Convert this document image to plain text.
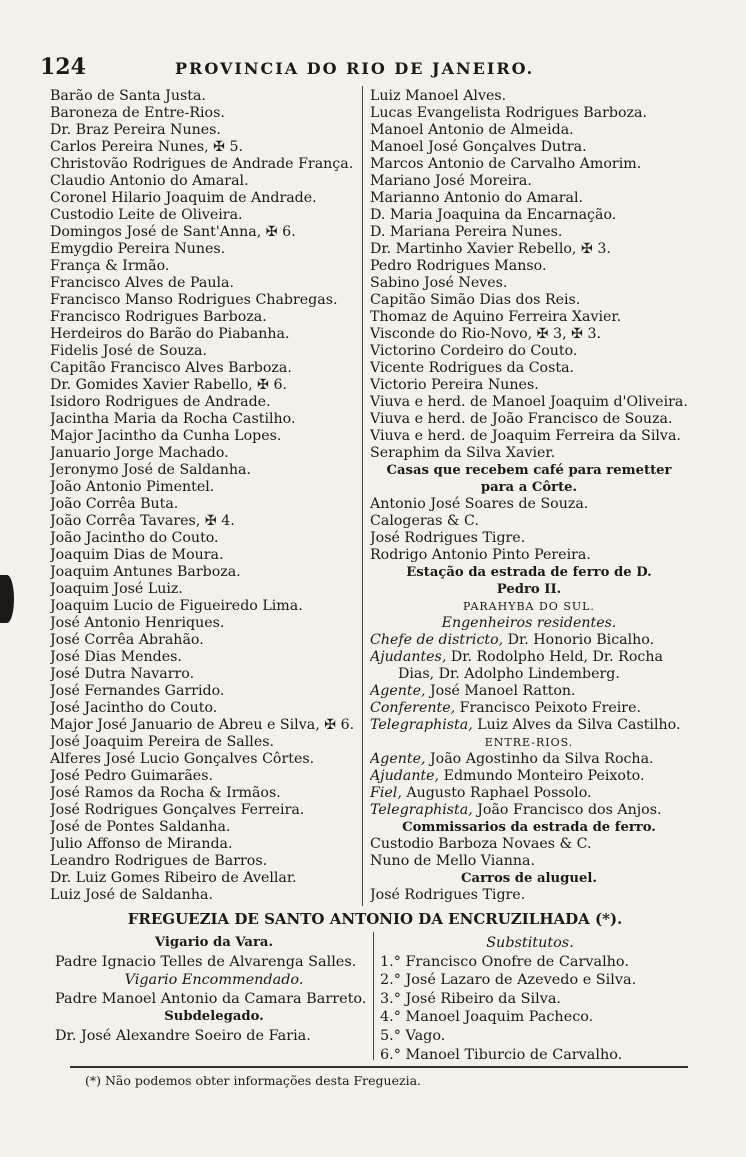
124	PROVINCIA DO RIO DE JANEIRO.
Barão de Santa Justa.
Baroneza de Entre-Rios.
Dr. Braz Pereira Nunes.
Carlos Pereira Nunes, ✠ 5.
Christovão Rodrigues de Andrade França.
Claudio Antonio do Amaral.
Coronel Hilario Joaquim de Andrade.
Custodio Leite de Oliveira.
Domingos José de Sant'Anna, ✠ 6.
Emygdio Pereira Nunes.
França & Irmão.
Francisco Alves de Paula.
Francisco Manso Rodrigues Chabregas.
Francisco Rodrigues Barboza.
Herdeiros do Barão do Piabanha.
Fidelis José de Souza.
Capitão Francisco Alves Barboza.
Dr. Gomides Xavier Rabello, ✠ 6.
Isidoro Rodrigues de Andrade.
Jacintha Maria da Rocha Castilho.
Major Jacintho da Cunha Lopes.
Januario Jorge Machado.
Jeronymo José de Saldanha.
João Antonio Pimentel.
João Corrêa Buta.
João Corrêa Tavares, ✠ 4.
João Jacintho do Couto.
Joaquim Dias de Moura.
Joaquim Antunes Barboza.
Joaquim José Luiz.
Joaquim Lucio de Figueiredo Lima.
José Antonio Henriques.
José Corrêa Abrahão.
José Dias Mendes.
José Dutra Navarro.
José Fernandes Garrido.
José Jacintho do Couto.
Major José Januario de Abreu e Silva, ✠ 6.
José Joaquim Pereira de Salles.
Alferes José Lucio Gonçalves Côrtes.
José Pedro Guimarães.
José Ramos da Rocha & Irmãos.
José Rodrigues Gonçalves Ferreira.
José de Pontes Saldanha.
Julio Affonso de Miranda.
Leandro Rodrigues de Barros.
Dr. Luiz Gomes Ribeiro de Avellar.
Luiz José de Saldanha.
Luiz Manoel Alves.
Lucas Evangelista Rodrigues Barboza.
Manoel Antonio de Almeida.
Manoel José Gonçalves Dutra.
Marcos Antonio de Carvalho Amorim.
Mariano José Moreira.
Marianno Antonio do Amaral.
D. Maria Joaquina da Encarnação.
D. Mariana Pereira Nunes.
Dr. Martinho Xavier Rebello, ✠ 3.
Pedro Rodrigues Manso.
Sabino José Neves.
Capitão Simão Dias dos Reis.
Thomaz de Aquino Ferreira Xavier.
Visconde do Rio-Novo, ✠ 3, ✠ 3.
Victorino Cordeiro do Couto.
Vicente Rodrigues da Costa.
Victorio Pereira Nunes.
Viuva e herd. de Manoel Joaquim d'Oliveira.
Viuva e herd. de João Francisco de Souza.
Viuva e herd. de Joaquim Ferreira da Silva.
Seraphim da Silva Xavier.
Casas que recebem café para remetter
para a Côrte.
Antonio José Soares de Souza.
Calogeras & C.
José Rodrigues Tigre.
Rodrigo Antonio Pinto Pereira.
Estação da estrada de ferro de D.
Pedro II.
PARAHYBA DO SUL.
Engenheiros residentes.
Chefe de districto, Dr. Honorio Bicalho.
Ajudantes, Dr. Rodolpho Held, Dr. Rocha
Dias, Dr. Adolpho Lindemberg.
Agente, José Manoel Ratton.
Conferente, Francisco Peixoto Freire.
Telegraphista, Luiz Alves da Silva Castilho.
ENTRE-RIOS.
Agente, João Agostinho da Silva Rocha.
Ajudante, Edmundo Monteiro Peixoto.
Fiel, Augusto Raphael Possolo.
Telegraphista, João Francisco dos Anjos.
Commissarios da estrada de ferro.
Custodio Barboza Novaes & C.
Nuno de Mello Vianna.
Carros de aluguel.
José Rodrigues Tigre.
FREGUEZIA DE SANTO ANTONIO DA ENCRUZILHADA (*).
Vigario da Vara.
Padre Ignacio Telles de Alvarenga Salles.
Vigario Encommendado.
Padre Manoel Antonio da Camara Barreto.
Subdelegado.
Dr. José Alexandre Soeiro de Faria.
Substitutos.
1.° Francisco Onofre de Carvalho.
2.° José Lazaro de Azevedo e Silva.
3.° José Ribeiro da Silva.
4.° Manoel Joaquim Pacheco.
5.° Vago.
6.° Manoel Tiburcio de Carvalho.
(*) Não podemos obter informações desta Freguezia.
